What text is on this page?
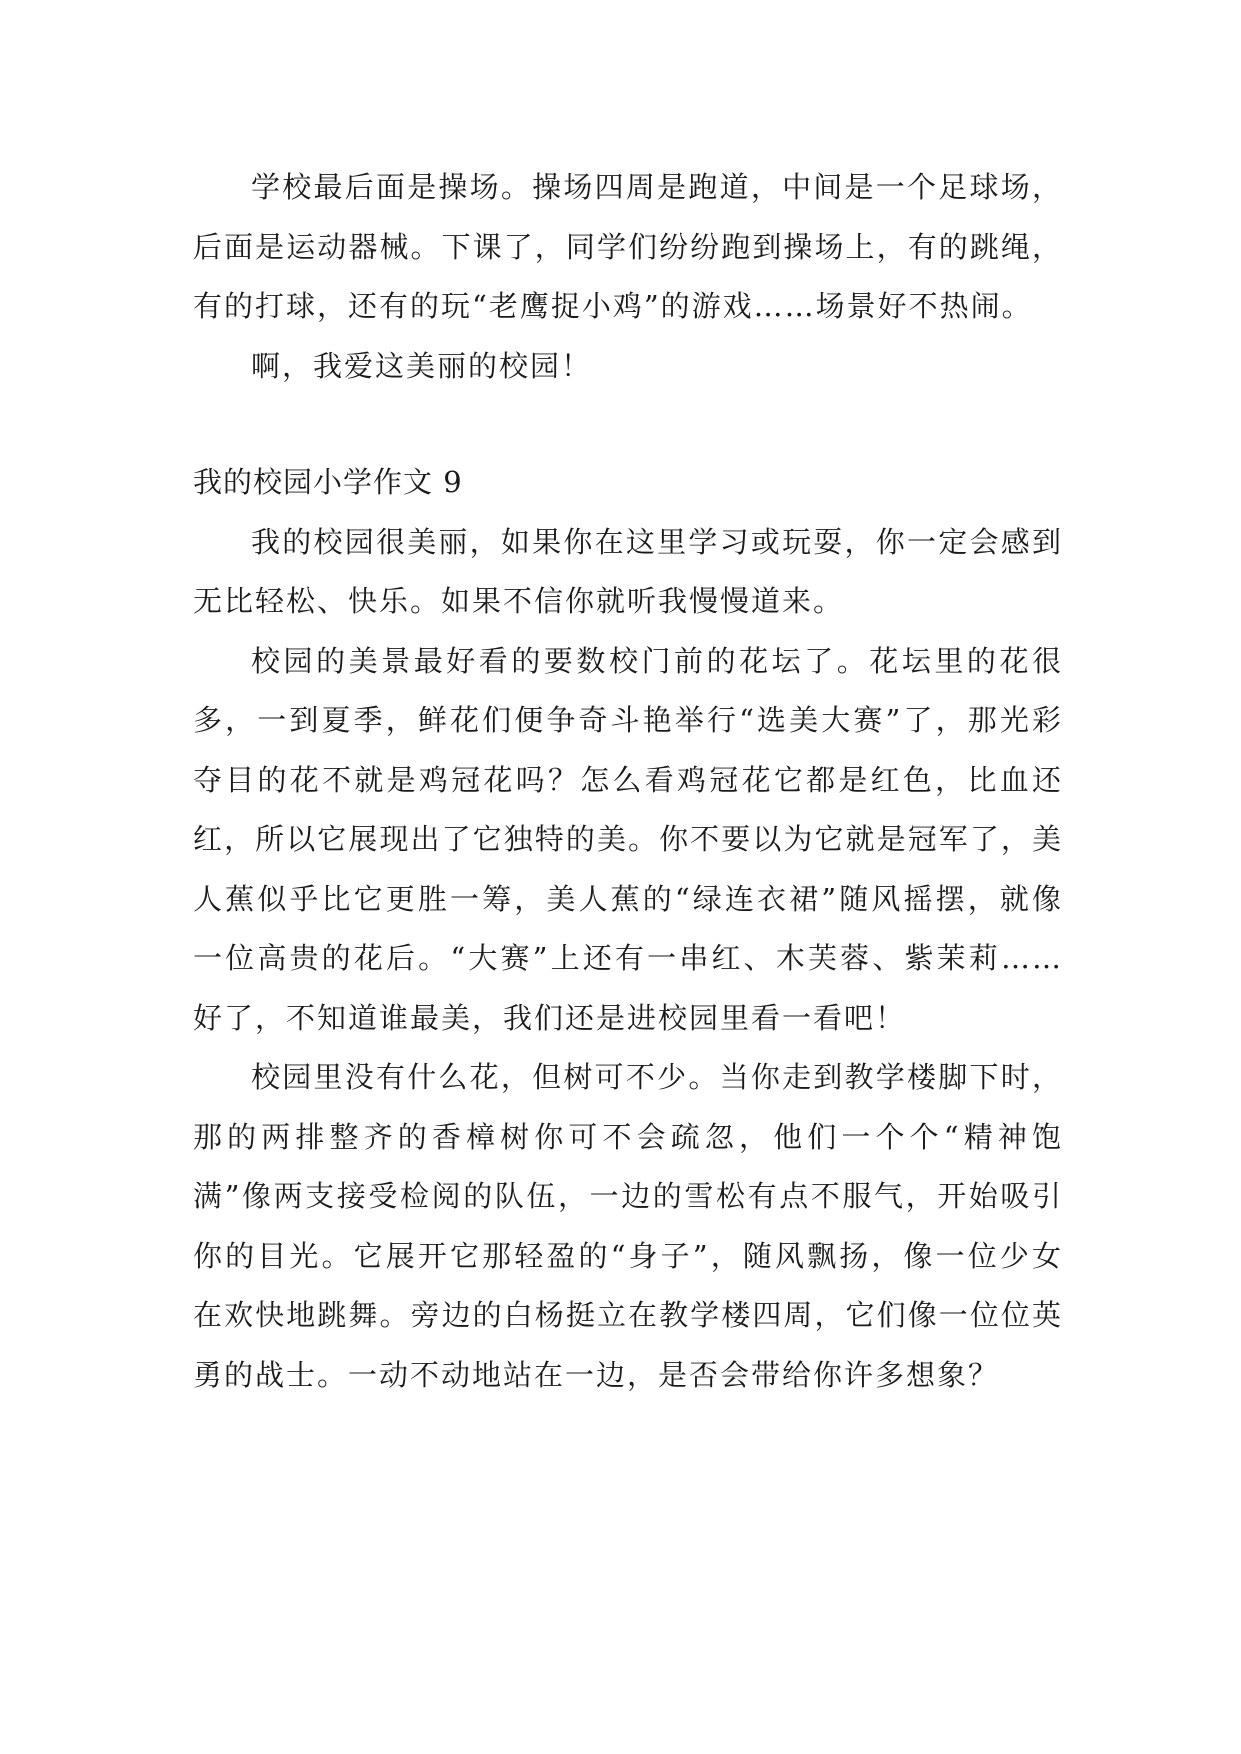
学校最后面是操场。操场四周是跑道，中间是一个足球场，后面是运动器械。下课了，同学们纷纷跑到操场上，有的跳绳，有的打球，还有的玩“老鹰捉小鸡”的游戏……场景好不热闹。

啊，我爱这美丽的校园！

我的校园小学作文 9

我的校园很美丽，如果你在这里学习或玩耍，你一定会感到无比轻松、快乐。如果不信你就听我慢慢道来。

校园的美景最好看的要数校门前的花坛了。花坛里的花很多，一到夏季，鲜花们便争奇斗艳举行“选美大赛”了，那光彩夺目的花不就是鸡冠花吗？怎么看鸡冠花它都是红色，比血还红，所以它展现出了它独特的美。你不要以为它就是冠军了，美人蕉似乎比它更胜一筹，美人蕉的“绿连衣裙”随风摇摆，就像一位高贵的花后。“大赛”上还有一串红、木芙蓉、紫茉莉……好了，不知道谁最美，我们还是进校园里看一看吧！

校园里没有什么花，但树可不少。当你走到教学楼脚下时，那的两排整齐的香樟树你可不会疏忽，他们一个个“精神饱满”像两支接受检阅的队伍，一边的雪松有点不服气，开始吸引你的目光。它展开它那轻盈的“身子”，随风飘扬，像一位少女在欢快地跳舞。旁边的白杨挺立在教学楼四周，它们像一位位英勇的战士。一动不动地站在一边，是否会带给你许多想象？
